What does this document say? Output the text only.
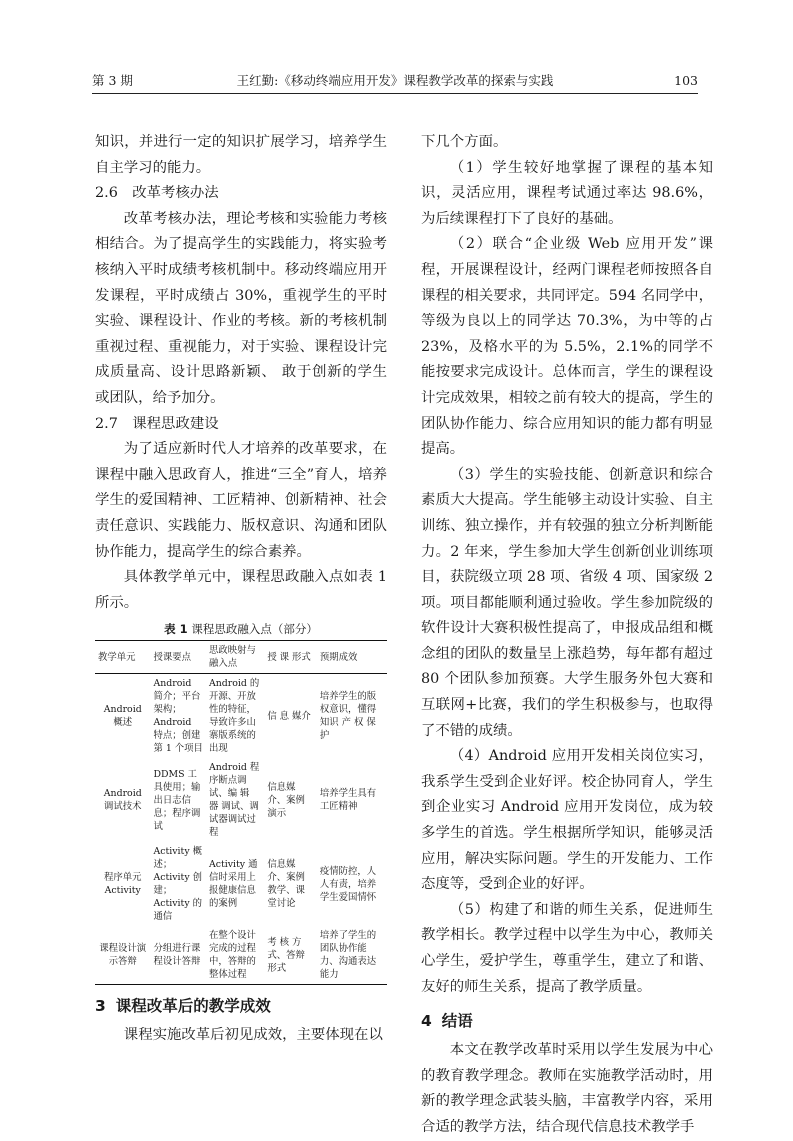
第 3 期	王红勤:《移动终端应用开发》课程教学改革的探索与实践	103

知识，并进行一定的知识扩展学习，培养学生自主学习的能力。

2.6　改革考核办法

改革考核办法，理论考核和实验能力考核相结合。为了提高学生的实践能力，将实验考核纳入平时成绩考核机制中。移动终端应用开发课程，平时成绩占 30%，重视学生的平时实验、课程设计、作业的考核。新的考核机制重视过程、重视能力，对于实验、课程设计完成质量高、设计思路新颖、 敢于创新的学生或团队，给予加分。

2.7　课程思政建设

为了适应新时代人才培养的改革要求，在课程中融入思政育人，推进“三全”育人，培养学生的爱国精神、工匠精神、创新精神、社会责任意识、实践能力、版权意识、沟通和团队协作能力，提高学生的综合素养。

具体教学单元中，课程思政融入点如表 1 所示。

表 1 课程思政融入点（部分）
教学单元	授课要点	思政映射与融入点	授 课 形式	预期成效
Android 概述	Android 简介；平台架构；Android 特点；创建第 1 个项目	Android 的开源、开放性的特征，导致许多山寨版系统的出现	信 息 媒介	培养学生的版权意识，懂得知识 产 权 保护
Android 调试技术	DDMS 工具使用；输出日志信息；程序调试	Android 程序断点调试、编 辑 器 调试、调试器调试过程	信息媒介、案例演示	培养学生具有工匠精神
程序单元 Activity	Activity 概述；Activity 创建；Activity 的通信	Activity 通信时采用上报健康信息的案例	信息媒介、案例教学、课堂讨论	疫情防控，人人有责，培养学生爱国情怀
课程设计演示答辩	分组进行课程设计答辩	在整个设计完成的过程中，答辩的整体过程	考 核 方式、答辩形式	培养了学生的团队协作能力、沟通表达能力
3 课程改革后的教学成效

课程实施改革后初见成效，主要体现在以

下几个方面。

（1）学生较好地掌握了课程的基本知识，灵活应用，课程考试通过率达 98.6%，为后续课程打下了良好的基础。

（2）联合“企业级 Web 应用开发”课程，开展课程设计，经两门课程老师按照各自课程的相关要求，共同评定。594 名同学中，等级为良以上的同学达 70.3%，为中等的占 23%，及格水平的为 5.5%，2.1%的同学不能按要求完成设计。总体而言，学生的课程设计完成效果，相较之前有较大的提高，学生的团队协作能力、综合应用知识的能力都有明显提高。

（3）学生的实验技能、创新意识和综合素质大大提高。学生能够主动设计实验、自主训练、独立操作，并有较强的独立分析判断能力。2 年来，学生参加大学生创新创业训练项目，获院级立项 28 项、省级 4 项、国家级 2 项。项目都能顺利通过验收。学生参加院级的软件设计大赛积极性提高了，申报成品组和概念组的团队的数量呈上涨趋势，每年都有超过 80 个团队参加预赛。大学生服务外包大赛和互联网+比赛，我们的学生积极参与，也取得了不错的成绩。

（4）Android 应用开发相关岗位实习，我系学生受到企业好评。校企协同育人，学生到企业实习 Android 应用开发岗位，成为较多学生的首选。学生根据所学知识，能够灵活应用，解决实际问题。学生的开发能力、工作态度等，受到企业的好评。

（5）构建了和谐的师生关系，促进师生教学相长。教学过程中以学生为中心，教师关心学生，爱护学生，尊重学生，建立了和谐、友好的师生关系，提高了教学质量。

4 结语

本文在教学改革时采用以学生发展为中心的教育教学理念。教师在实施教学活动时，用新的教学理念武装头脑，丰富教学内容，采用合适的教学方法，结合现代信息技术教学手
